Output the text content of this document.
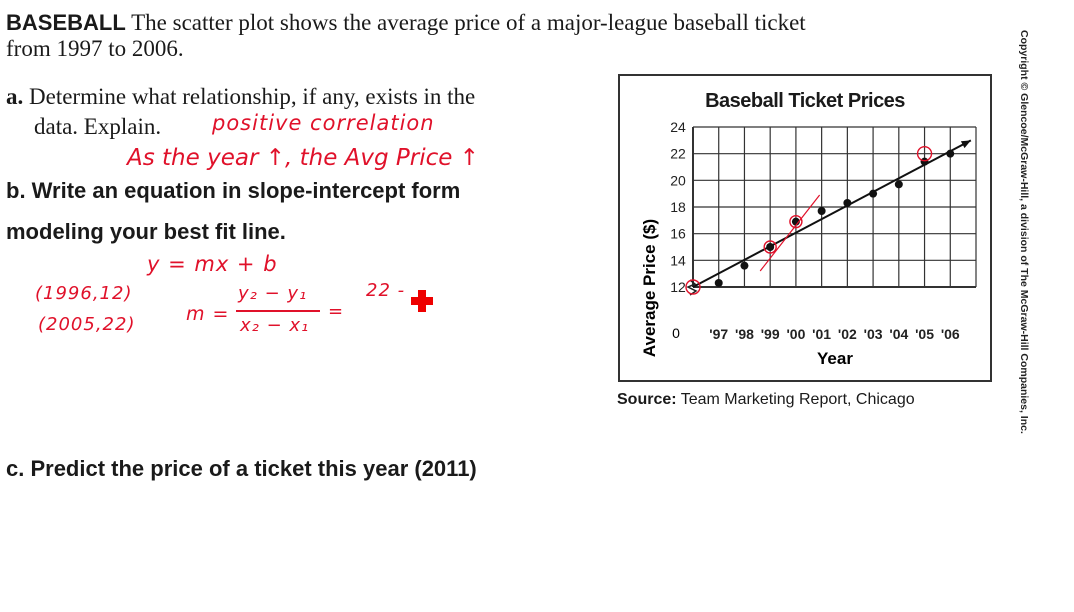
BASEBALL The scatter plot shows the average price of a major-league baseball ticket
from 1997 to 2006.
a. Determine what relationship, if any, exists in the
data. Explain.	positive correlation
As the year ↑, the Avg Price ↑
b. Write an equation in slope-intercept form
modeling your best fit line.
y = mx + b
(1996,12)
(2005,22)	m =
y₂ − y₁
x₂ − x₁
=
22 -
c. Predict the price of a ticket this year (2011)
Baseball Ticket Prices
12
14
16
18
20
22
24
'97 '98 '99 '00 '01 '02 '03 '04 '05 '06
0
Average Price ($)
Year
Source: Team Marketing Report, Chicago	Copyright © Glencoe/McGraw-Hill, a division of The McGraw-Hill Companies, Inc.
